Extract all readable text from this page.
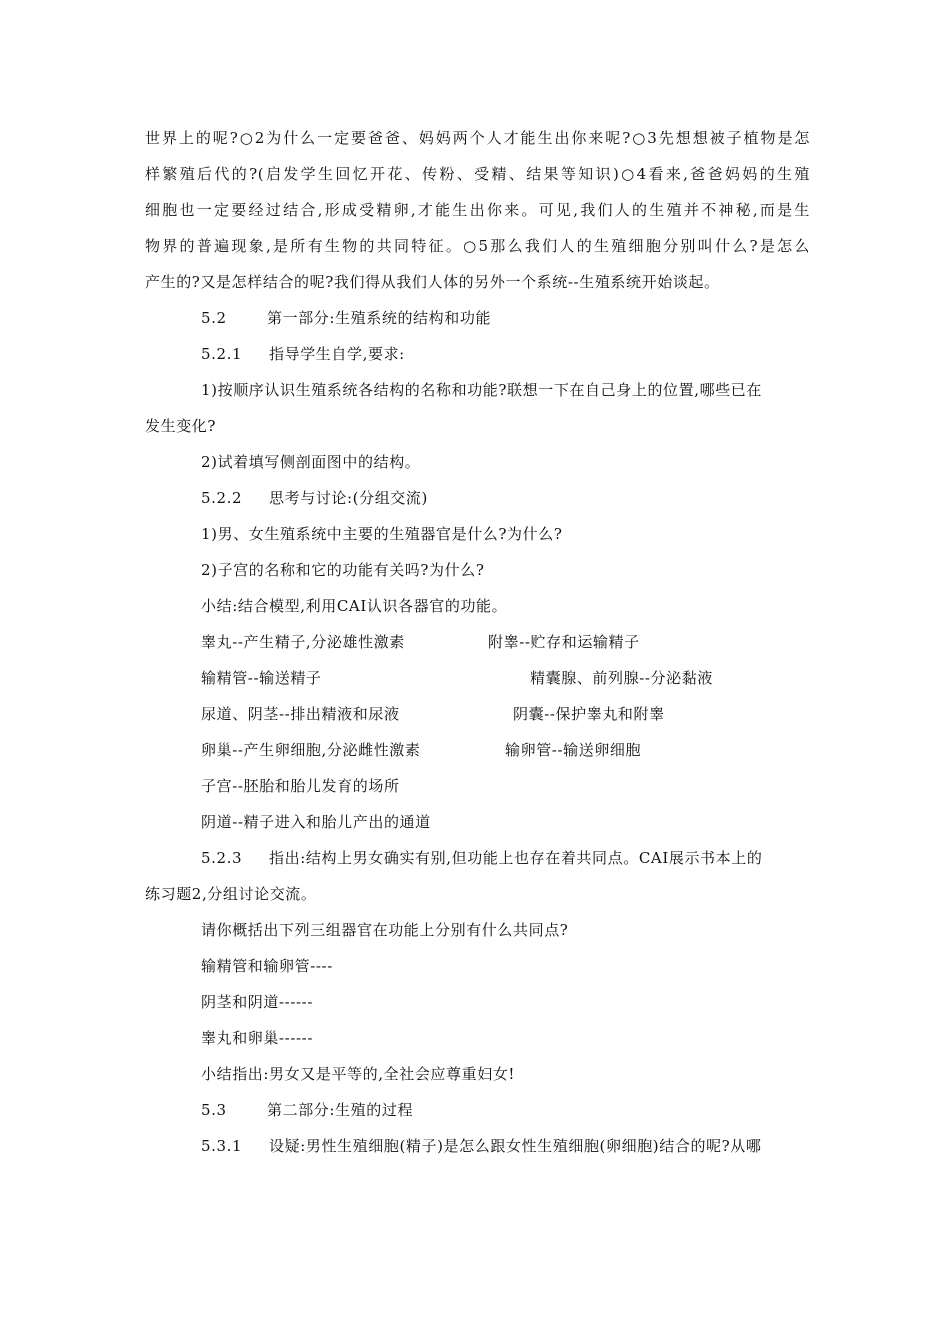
世界上的呢?○2为什么一定要爸爸、妈妈两个人才能生出你来呢?○3先想想被子植物是怎
样繁殖后代的?(启发学生回忆开花、传粉、受精、结果等知识)○4看来,爸爸妈妈的生殖
细胞也一定要经过结合,形成受精卵,才能生出你来。可见,我们人的生殖并不神秘,而是生
物界的普遍现象,是所有生物的共同特征。○5那么我们人的生殖细胞分别叫什么?是怎么
产生的?又是怎样结合的呢?我们得从我们人体的另外一个系统--生殖系统开始谈起。
5.2	第一部分:生殖系统的结构和功能
5.2.1 指导学生自学,要求:
1)按顺序认识生殖系统各结构的名称和功能?联想一下在自己身上的位置,哪些已在
发生变化?
2)试着填写侧剖面图中的结构。
5.2.2 思考与讨论:(分组交流)
1)男、女生殖系统中主要的生殖器官是什么?为什么?
2)子宫的名称和它的功能有关吗?为什么?
小结:结合模型,利用CAI认识各器官的功能。
睾丸--产生精子,分泌雄性激素	附睾--贮存和运输精子
输精管--输送精子	精囊腺、前列腺--分泌黏液
尿道、阴茎--排出精液和尿液	阴囊--保护睾丸和附睾
卵巢--产生卵细胞,分泌雌性激素	输卵管--输送卵细胞
子宫--胚胎和胎儿发育的场所
阴道--精子进入和胎儿产出的通道
5.2.3 指出:结构上男女确实有别,但功能上也存在着共同点。CAI展示书本上的
练习题2,分组讨论交流。
请你概括出下列三组器官在功能上分别有什么共同点?
输精管和输卵管----
阴茎和阴道------
睾丸和卵巢------
小结指出:男女又是平等的,全社会应尊重妇女!
5.3	第二部分:生殖的过程
5.3.1 设疑:男性生殖细胞(精子)是怎么跟女性生殖细胞(卵细胞)结合的呢?从哪
